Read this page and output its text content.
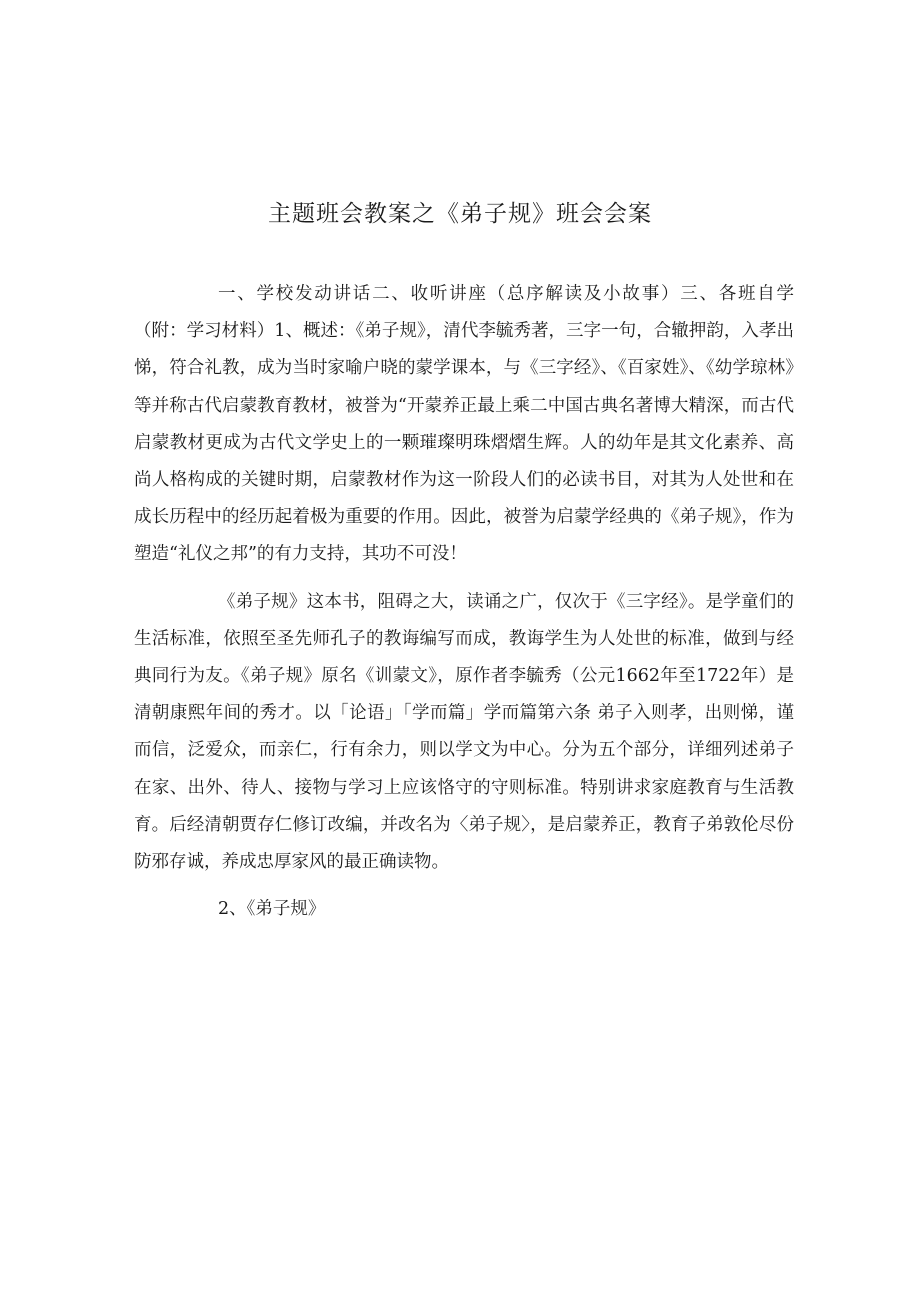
主题班会教案之《弟子规》班会会案

一、学校发动讲话二、收听讲座（总序解读及小故事）三、各班自学（附：学习材料）1、概述：《弟子规》，清代李毓秀著，三字一句，合辙押韵，入孝出悌，符合礼教，成为当时家喻户晓的蒙学课本，与《三字经》、《百家姓》、《幼学琼林》等并称古代启蒙教育教材，被誉为“开蒙养正最上乘二中国古典名著博大精深，而古代启蒙教材更成为古代文学史上的一颗璀璨明珠熠熠生辉。人的幼年是其文化素养、高尚人格构成的关键时期，启蒙教材作为这一阶段人们的必读书目，对其为人处世和在成长历程中的经历起着极为重要的作用。因此，被誉为启蒙学经典的《弟子规》，作为塑造“礼仪之邦”的有力支持，其功不可没！

《弟子规》这本书，阻碍之大，读诵之广，仅次于《三字经》。是学童们的生活标准，依照至圣先师孔子的教诲编写而成，教诲学生为人处世的标准，做到与经典同行为友。《弟子规》原名《训蒙文》，原作者李毓秀（公元1662年至1722年）是清朝康熙年间的秀才。以「论语」「学而篇」学而篇第六条 弟子入则孝，出则悌，谨而信，泛爱众，而亲仁，行有余力，则以学文为中心。分为五个部分，详细列述弟子在家、出外、待人、接物与学习上应该恪守的守则标准。特别讲求家庭教育与生活教育。后经清朝贾存仁修订改编，并改名为〈弟子规〉，是启蒙养正，教育子弟敦伦尽份防邪存诚，养成忠厚家风的最正确读物。

2、《弟子规》
